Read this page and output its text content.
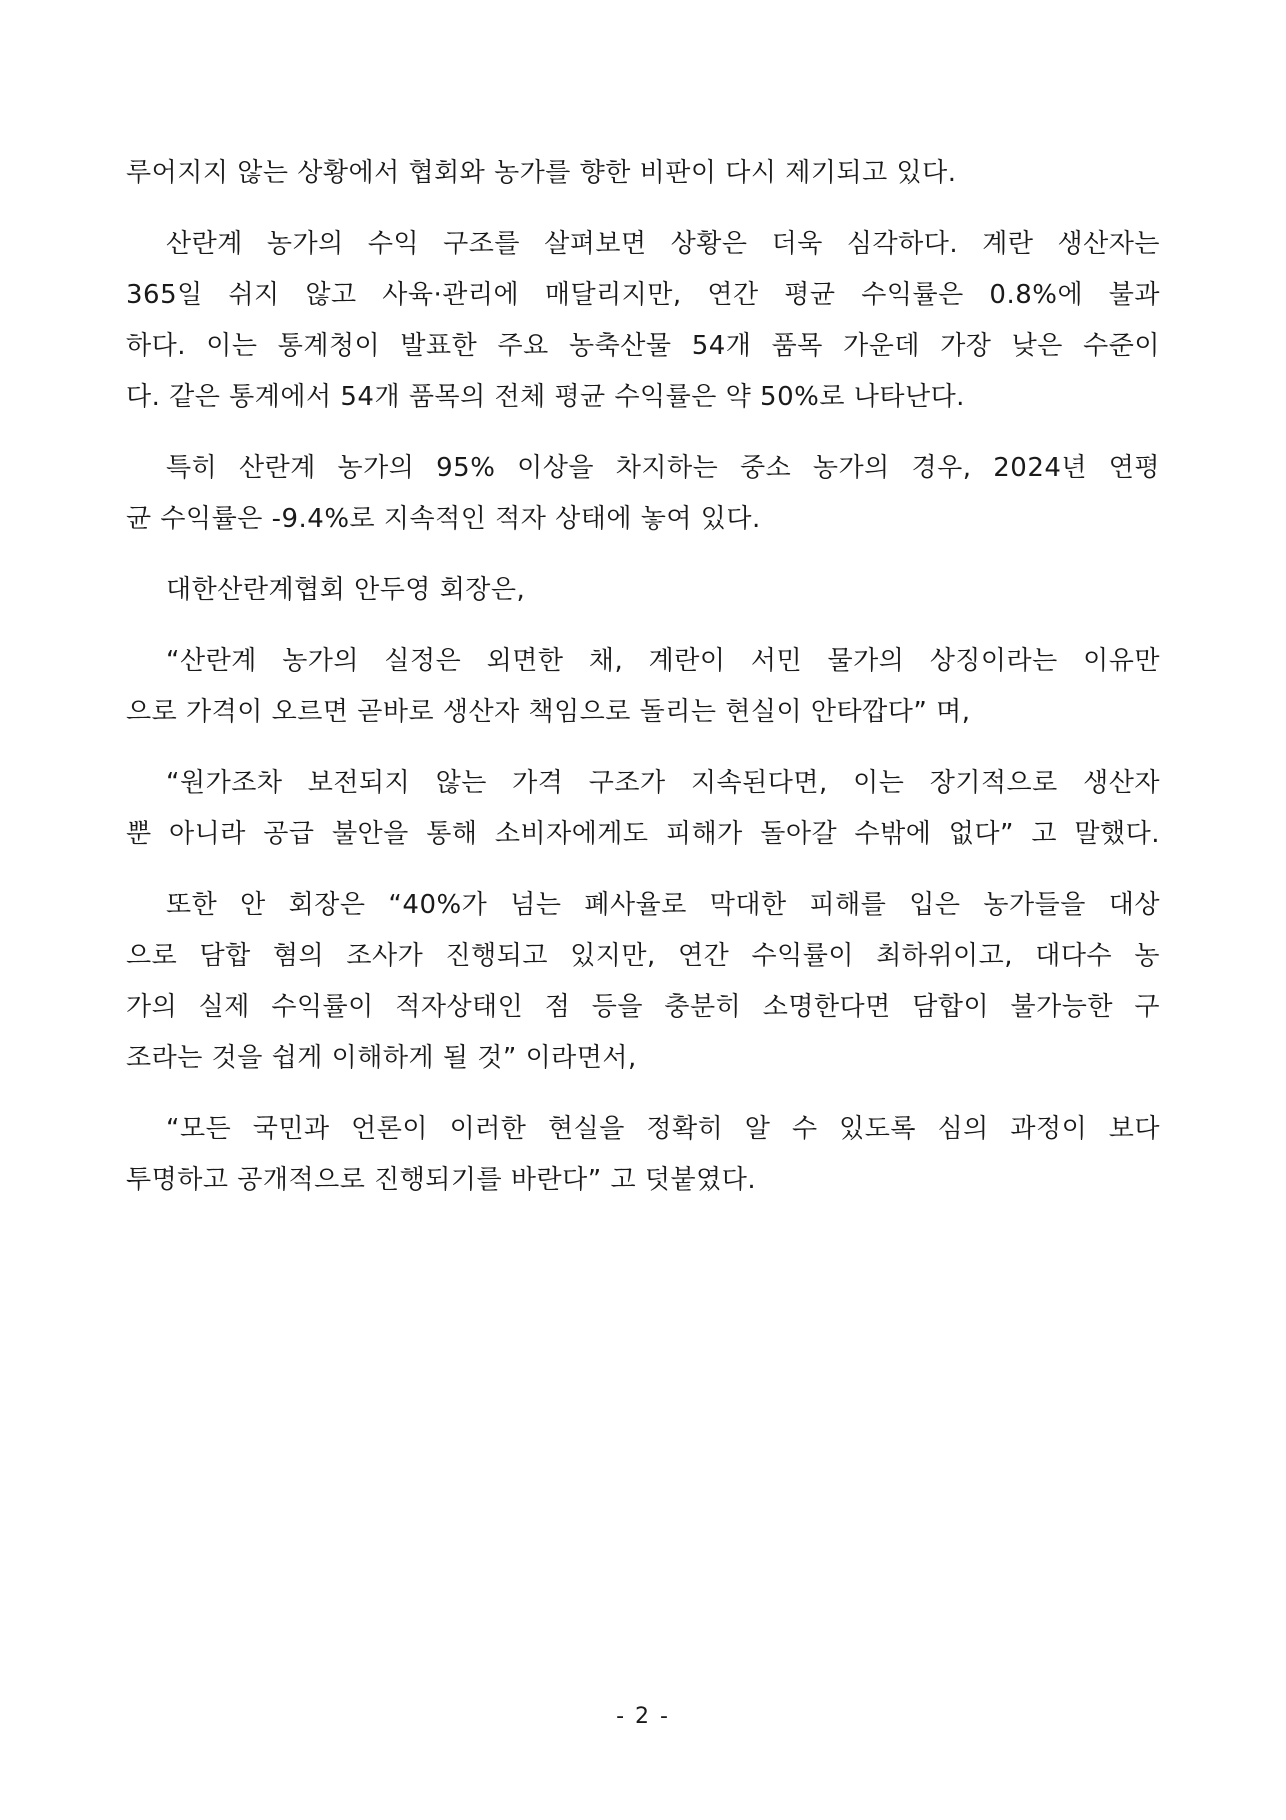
루어지지 않는 상황에서 협회와 농가를 향한 비판이 다시 제기되고 있다.
산란계 농가의 수익 구조를 살펴보면 상황은 더욱 심각하다. 계란 생산자는
365일 쉬지 않고 사육·관리에 매달리지만, 연간 평균 수익률은 0.8%에 불과
하다. 이는 통계청이 발표한 주요 농축산물 54개 품목 가운데 가장 낮은 수준이
다. 같은 통계에서 54개 품목의 전체 평균 수익률은 약 50%로 나타난다.
특히 산란계 농가의 95% 이상을 차지하는 중소 농가의 경우, 2024년 연평
균 수익률은 -9.4%로 지속적인 적자 상태에 놓여 있다.
대한산란계협회 안두영 회장은,
“산란계 농가의 실정은 외면한 채, 계란이 서민 물가의 상징이라는 이유만
으로 가격이 오르면 곧바로 생산자 책임으로 돌리는 현실이 안타깝다” 며,
“원가조차 보전되지 않는 가격 구조가 지속된다면, 이는 장기적으로 생산자
뿐 아니라 공급 불안을 통해 소비자에게도 피해가 돌아갈 수밖에 없다” 고 말했다.
또한 안 회장은 “40%가 넘는 폐사율로 막대한 피해를 입은 농가들을 대상
으로 담합 혐의 조사가 진행되고 있지만, 연간 수익률이 최하위이고, 대다수 농
가의 실제 수익률이 적자상태인 점 등을 충분히 소명한다면 담합이 불가능한 구
조라는 것을 쉽게 이해하게 될 것” 이라면서,
“모든 국민과 언론이 이러한 현실을 정확히 알 수 있도록 심의 과정이 보다
투명하고 공개적으로 진행되기를 바란다” 고 덧붙였다.
- 2 -
